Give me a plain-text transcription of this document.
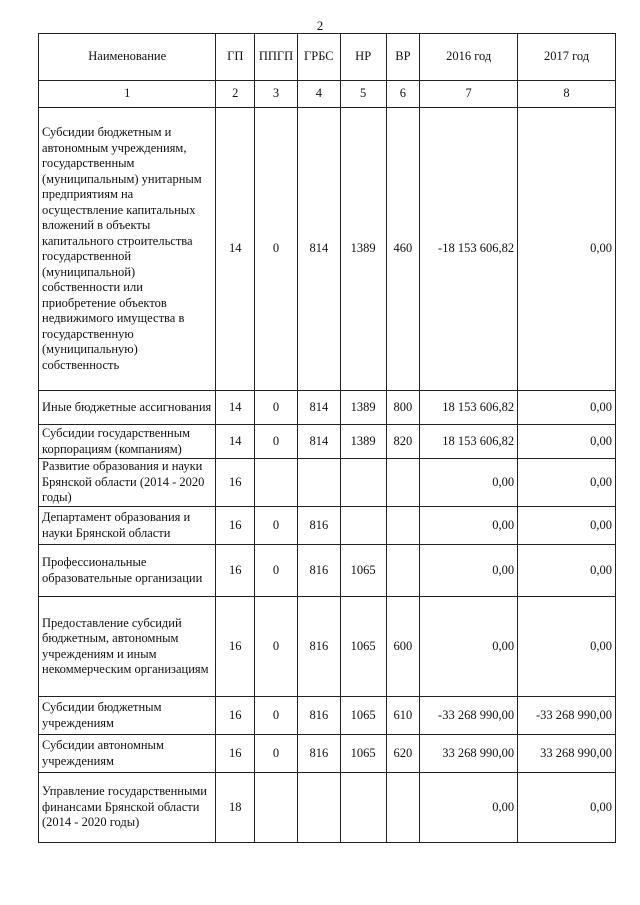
2
Наименование	ГП	ППГП	ГРБС	НР	ВР	2016 год	2017 год
1	2	3	4	5	6	7	8
Субсидии бюджетным и автономным учреждениям, государственным (муниципальным) унитарным предприятиям на осуществление капитальных вложений в объекты капитального строительства государственной (муниципальной) собственности или приобретение объектов недвижимого имущества в государственную (муниципальную) собственность	14	0	814	1389	460	-18 153 606,82	0,00
Иные бюджетные ассигнования	14	0	814	1389	800	18 153 606,82	0,00
Субсидии государственным корпорациям (компаниям)	14	0	814	1389	820	18 153 606,82	0,00
Развитие образования и науки Брянской области (2014 - 2020 годы)	16					0,00	0,00
Департамент образования и науки Брянской области	16	0	816			0,00	0,00
Профессиональные образовательные организации	16	0	816	1065		0,00	0,00
Предоставление субсидий бюджетным, автономным учреждениям и иным некоммерческим организациям	16	0	816	1065	600	0,00	0,00
Субсидии бюджетным учреждениям	16	0	816	1065	610	-33 268 990,00	-33 268 990,00
Субсидии автономным учреждениям	16	0	816	1065	620	33 268 990,00	33 268 990,00
Управление государственными финансами Брянской области (2014 - 2020 годы)	18					0,00	0,00
